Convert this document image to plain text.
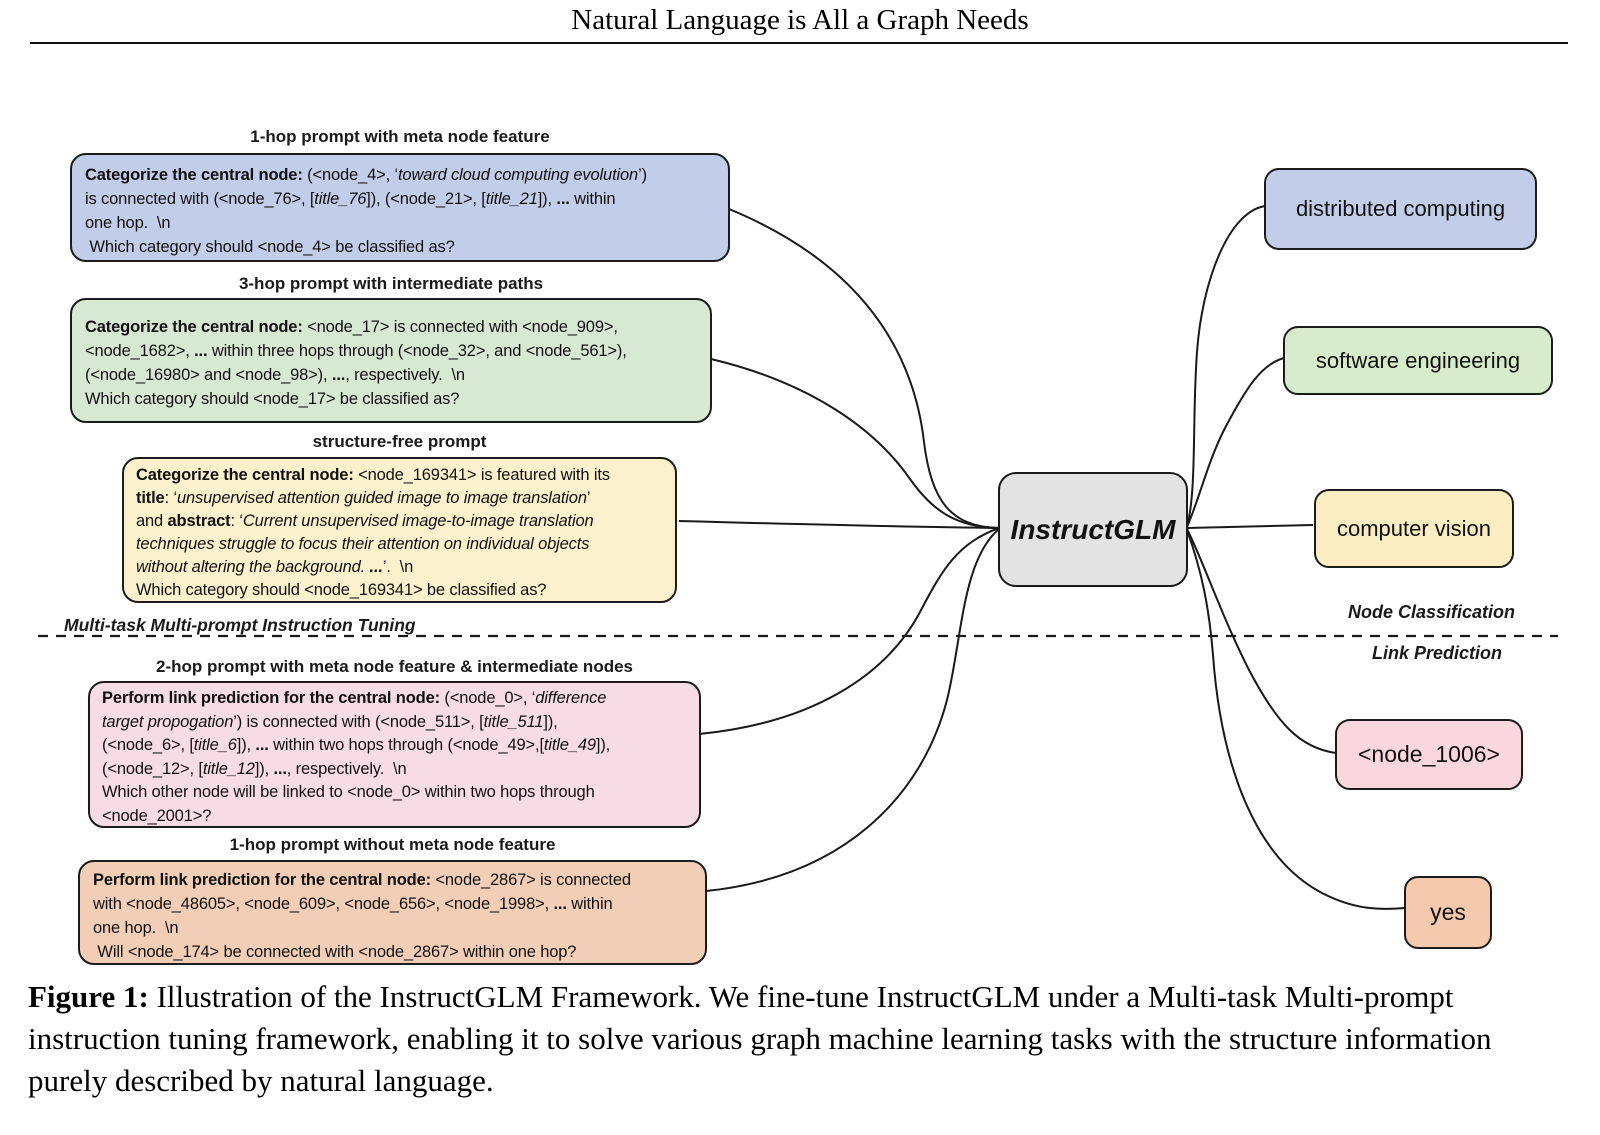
Natural Language is All a Graph Needs
1-hop prompt with meta node feature
Categorize the central node: (<node_4>, ‘toward cloud computing evolution’)
is connected with (<node_76>, [title_76]), (<node_21>, [title_21]), ... within
one hop.  \n
Which category should <node_4> be classified as?
3-hop prompt with intermediate paths
Categorize the central node: <node_17> is connected with <node_909>,
<node_1682>, ... within three hops through (<node_32>, and <node_561>),
(<node_16980> and <node_98>), ..., respectively.  \n
Which category should <node_17> be classified as?
structure-free prompt
Categorize the central node: <node_169341> is featured with its
title: ‘unsupervised attention guided image to image translation’
and abstract: ‘Current unsupervised image-to-image translation
techniques struggle to focus their attention on individual objects
without altering the background. ...’.  \n
Which category should <node_169341> be classified as?
Multi-task Multi-prompt Instruction Tuning
Node Classification
Link Prediction
2-hop prompt with meta node feature & intermediate nodes
Perform link prediction for the central node: (<node_0>, ‘difference
target propogation’) is connected with (<node_511>, [title_511]),
(<node_6>, [title_6]), ... within two hops through (<node_49>,[title_49]),
(<node_12>, [title_12]), ..., respectively.  \n
Which other node will be linked to <node_0> within two hops through
<node_2001>?
1-hop prompt without meta node feature
Perform link prediction for the central node: <node_2867> is connected
with <node_48605>, <node_609>, <node_656>, <node_1998>, ... within
one hop.  \n
Will <node_174> be connected with <node_2867> within one hop?
InstructGLM
distributed computing
software engineering
computer vision
<node_1006>
yes
Figure 1: Illustration of the InstructGLM Framework. We fine-tune InstructGLM under a Multi-task Multi-prompt instruction tuning framework, enabling it to solve various graph machine learning tasks with the structure information purely described by natural language.
